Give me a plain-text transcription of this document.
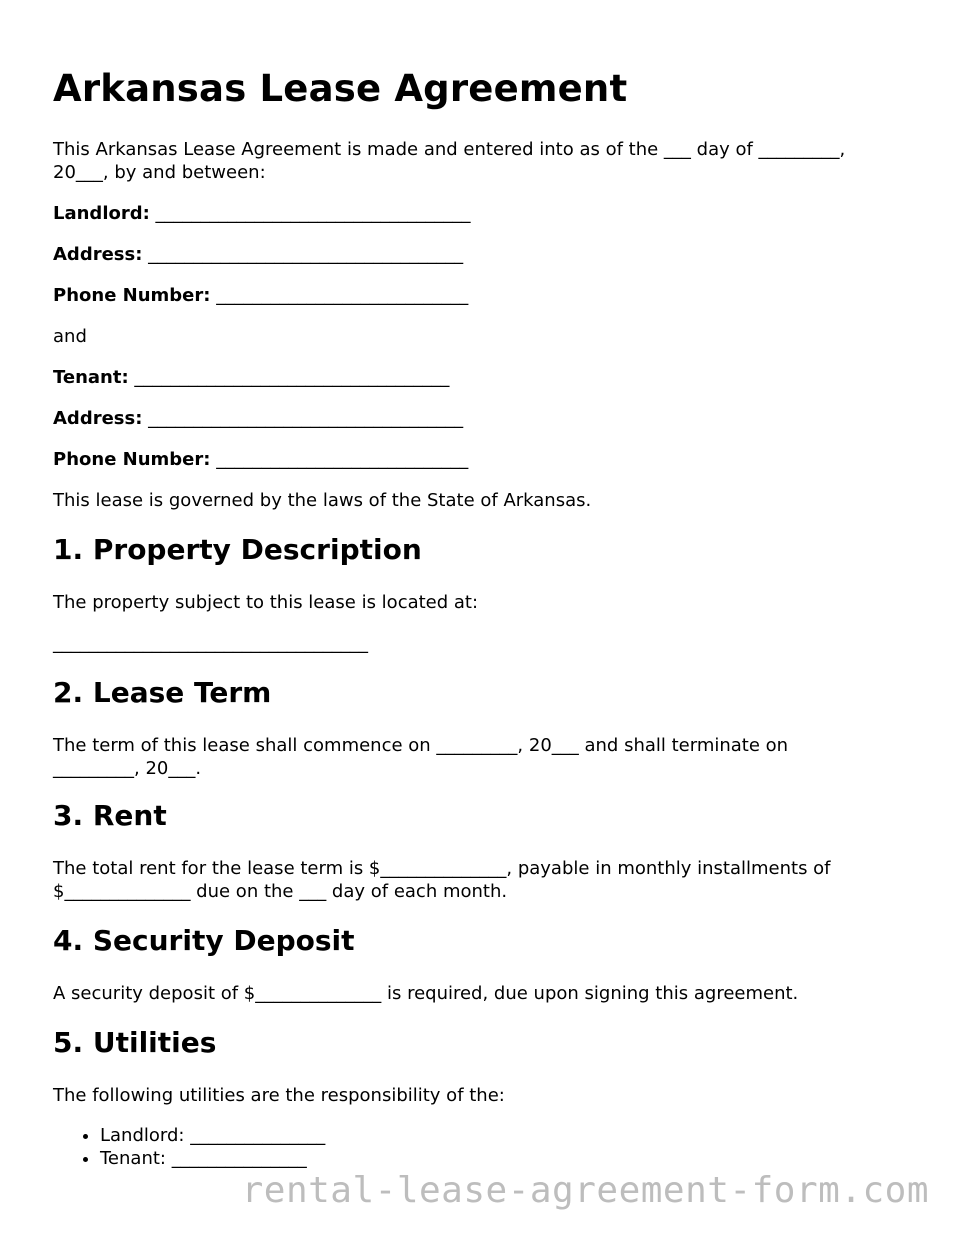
Arkansas Lease Agreement

This Arkansas Lease Agreement is made and entered into as of the ___ day of _________,

20___, by and between:

Landlord: ___________________________________

Address: ___________________________________

Phone Number: ____________________________

and

Tenant: ___________________________________

Address: ___________________________________

Phone Number: ____________________________

This lease is governed by the laws of the State of Arkansas.

1. Property Description

The property subject to this lease is located at:

___________________________________

2. Lease Term

The term of this lease shall commence on _________, 20___ and shall terminate on

_________, 20___.

3. Rent

The total rent for the lease term is $______________, payable in monthly installments of

$______________ due on the ___ day of each month.

4. Security Deposit

A security deposit of $______________ is required, due upon signing this agreement.

5. Utilities

The following utilities are the responsibility of the:

• Landlord: _______________
• Tenant: _______________
rental-lease-agreement-form.com
